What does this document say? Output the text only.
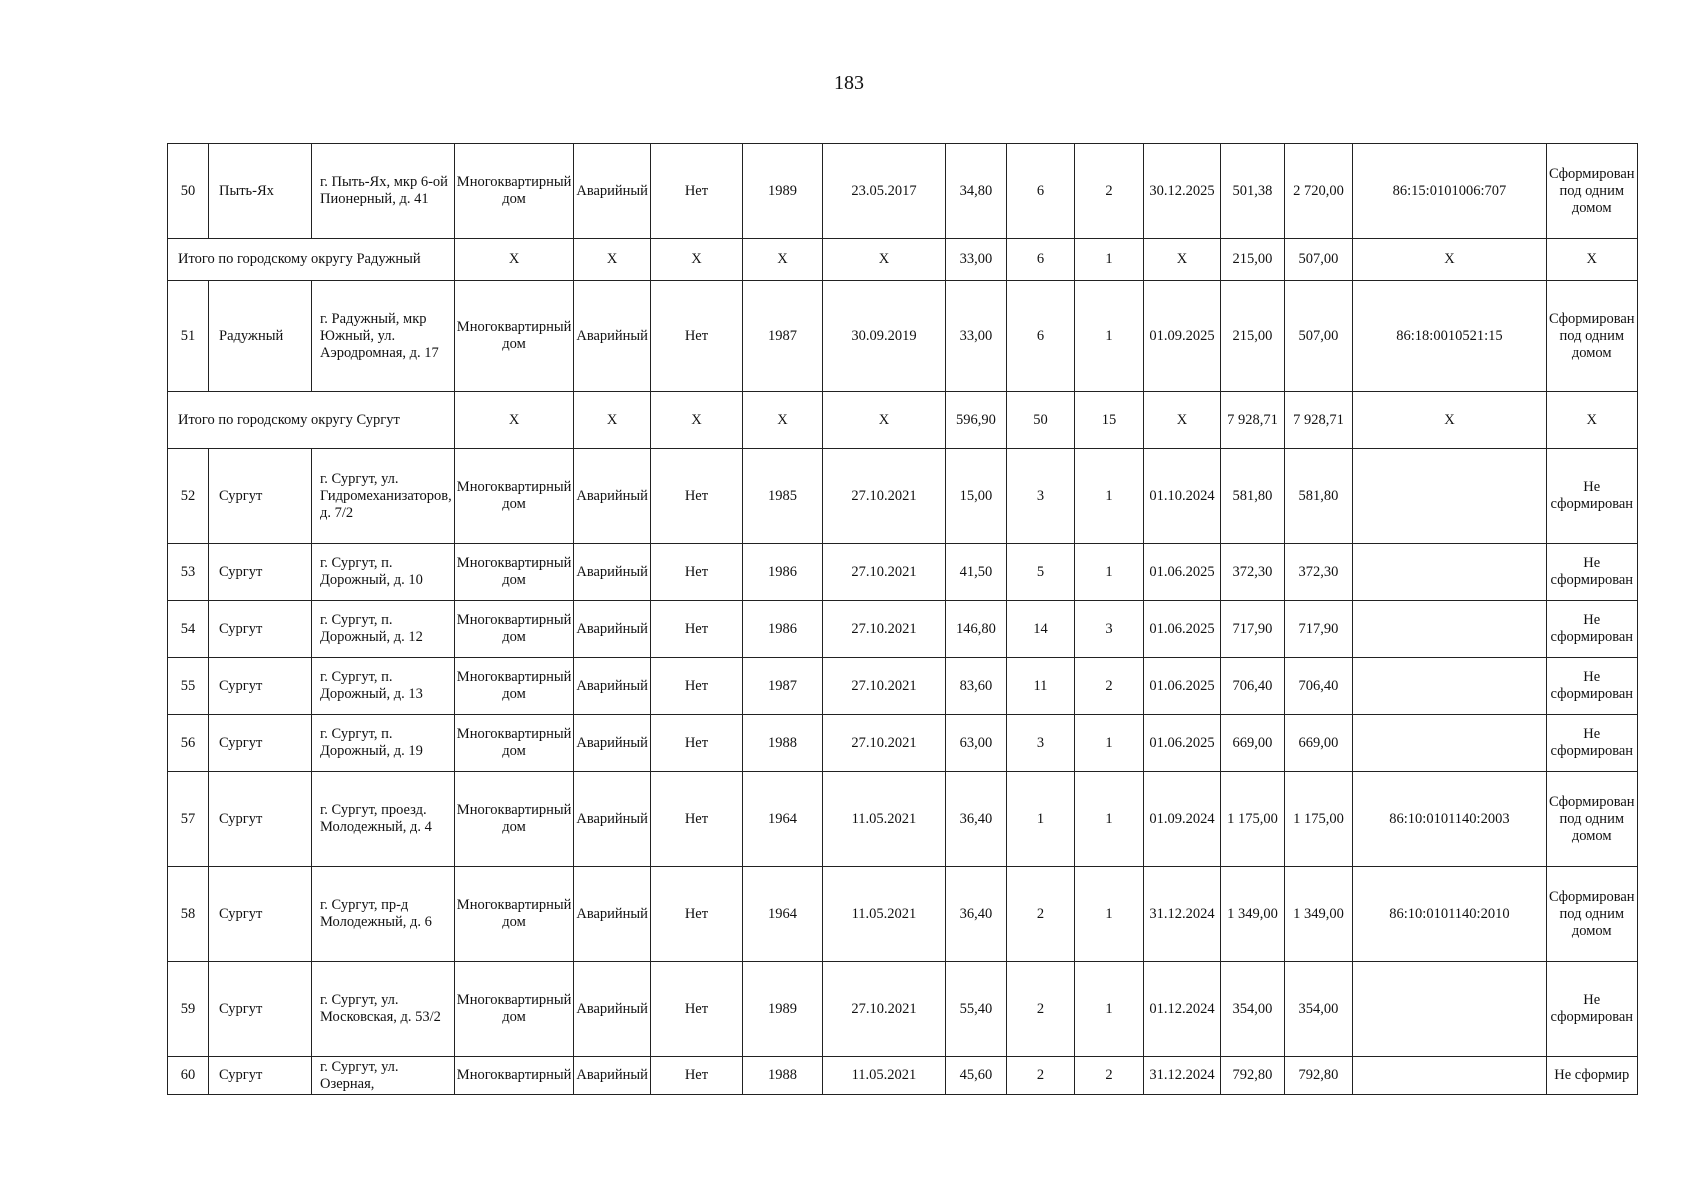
183
50	Пыть-Ях	г. Пыть-Ях, мкр 6-ой Пионерный, д. 41	Многоквартирный дом	Аварийный	Нет	1989	23.05.2017	34,80	6	2	30.12.2025	501,38	2 720,00	86:15:0101006:707	Сформирован под одним домом
Итого по городскому округу Радужный			X	X	X	X	X	33,00	6	1	X	215,00	507,00	X	X
51	Радужный	г. Радужный, мкр Южный, ул. Аэродромная, д. 17	Многоквартирный дом	Аварийный	Нет	1987	30.09.2019	33,00	6	1	01.09.2025	215,00	507,00	86:18:0010521:15	Сформирован под одним домом
Итого по городскому округу Сургут			X	X	X	X	X	596,90	50	15	X	7 928,71	7 928,71	X	X
52	Сургут	г. Сургут, ул. Гидромеханизаторов, д. 7/2	Многоквартирный дом	Аварийный	Нет	1985	27.10.2021	15,00	3	1	01.10.2024	581,80	581,80		Не сформирован
53	Сургут	г. Сургут, п. Дорожный, д. 10	Многоквартирный дом	Аварийный	Нет	1986	27.10.2021	41,50	5	1	01.06.2025	372,30	372,30		Не сформирован
54	Сургут	г. Сургут, п. Дорожный, д. 12	Многоквартирный дом	Аварийный	Нет	1986	27.10.2021	146,80	14	3	01.06.2025	717,90	717,90		Не сформирован
55	Сургут	г. Сургут, п. Дорожный, д. 13	Многоквартирный дом	Аварийный	Нет	1987	27.10.2021	83,60	11	2	01.06.2025	706,40	706,40		Не сформирован
56	Сургут	г. Сургут, п. Дорожный, д. 19	Многоквартирный дом	Аварийный	Нет	1988	27.10.2021	63,00	3	1	01.06.2025	669,00	669,00		Не сформирован
57	Сургут	г. Сургут, проезд. Молодежный, д. 4	Многоквартирный дом	Аварийный	Нет	1964	11.05.2021	36,40	1	1	01.09.2024	1 175,00	1 175,00	86:10:0101140:2003	Сформирован под одним домом
58	Сургут	г. Сургут, пр-д Молодежный, д. 6	Многоквартирный дом	Аварийный	Нет	1964	11.05.2021	36,40	2	1	31.12.2024	1 349,00	1 349,00	86:10:0101140:2010	Сформирован под одним домом
59	Сургут	г. Сургут, ул. Московская, д. 53/2	Многоквартирный дом	Аварийный	Нет	1989	27.10.2021	55,40	2	1	01.12.2024	354,00	354,00		Не сформирован
60	Сургут	г. Сургут, ул. Озерная,	Многоквартирный	Аварийный	Нет	1988	11.05.2021	45,60	2	2	31.12.2024	792,80	792,80		Не сформир
